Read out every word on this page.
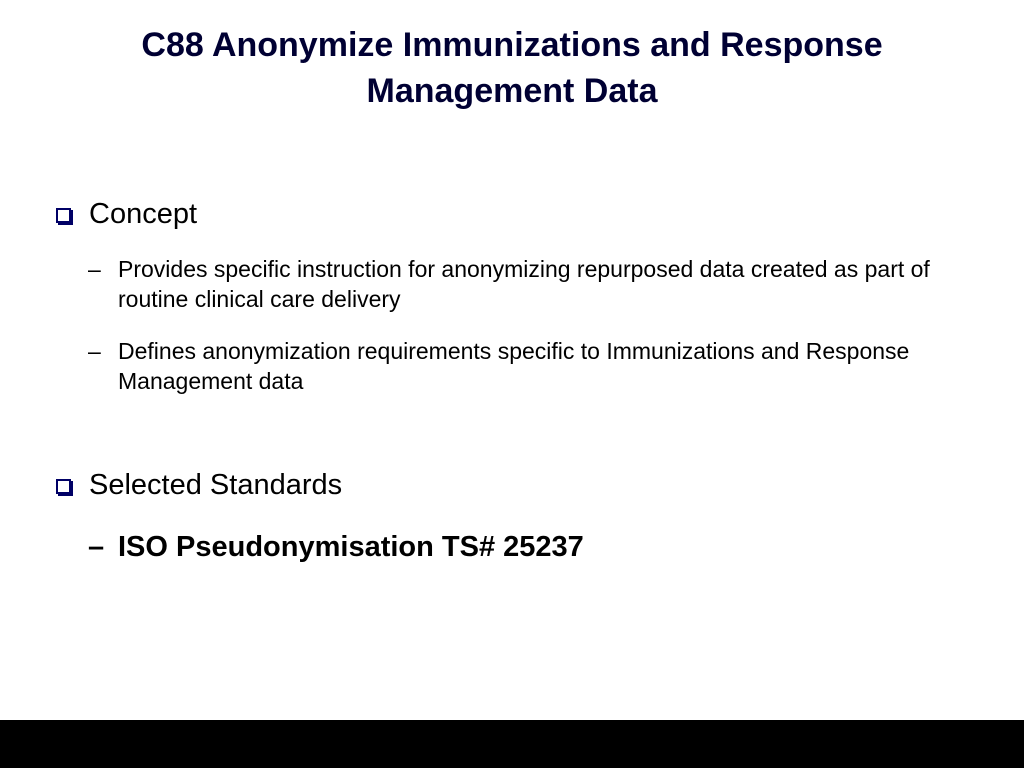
C88 Anonymize Immunizations and Response
Management Data
Concept
– Provides specific instruction for anonymizing repurposed data created as part of routine clinical care delivery
– Defines anonymization requirements specific to Immunizations and Response Management data
Selected Standards
– ISO Pseudonymisation TS# 25237
